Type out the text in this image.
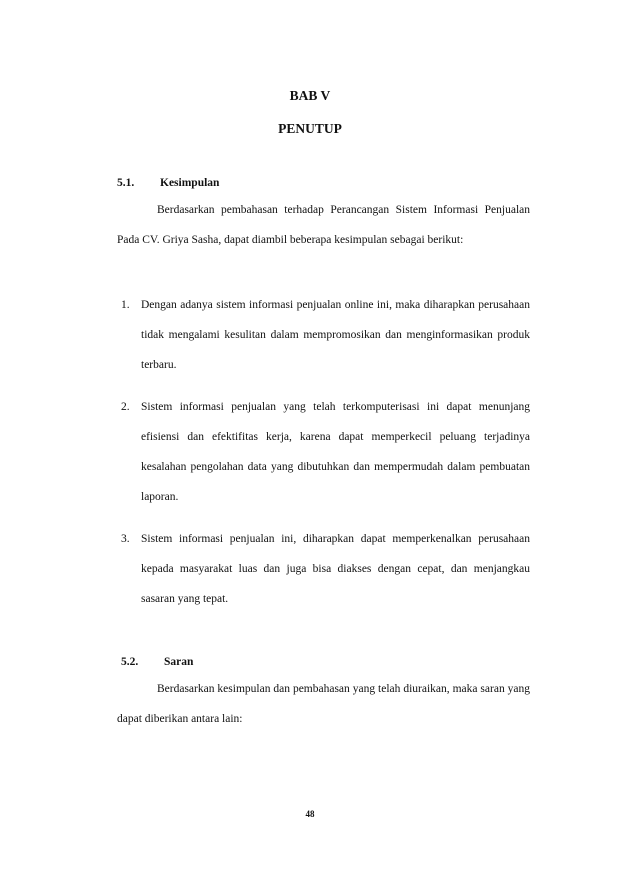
BAB V
PENUTUP
5.1. Kesimpulan

Berdasarkan pembahasan terhadap Perancangan Sistem Informasi Penjualan Pada CV. Griya Sasha, dapat diambil beberapa kesimpulan sebagai berikut:

1. Dengan adanya sistem informasi penjualan online ini, maka diharapkan perusahaan tidak mengalami kesulitan dalam mempromosikan dan menginformasikan produk terbaru.
2. Sistem informasi penjualan yang telah terkomputerisasi ini dapat menunjang efisiensi dan efektifitas kerja, karena dapat memperkecil peluang terjadinya kesalahan pengolahan data yang dibutuhkan dan mempermudah dalam pembuatan laporan.
3. Sistem informasi penjualan ini, diharapkan dapat memperkenalkan perusahaan kepada masyarakat luas dan juga bisa diakses dengan cepat, dan menjangkau sasaran yang tepat.
5.2. Saran

Berdasarkan kesimpulan dan pembahasan yang telah diuraikan, maka saran yang dapat diberikan antara lain:

48
